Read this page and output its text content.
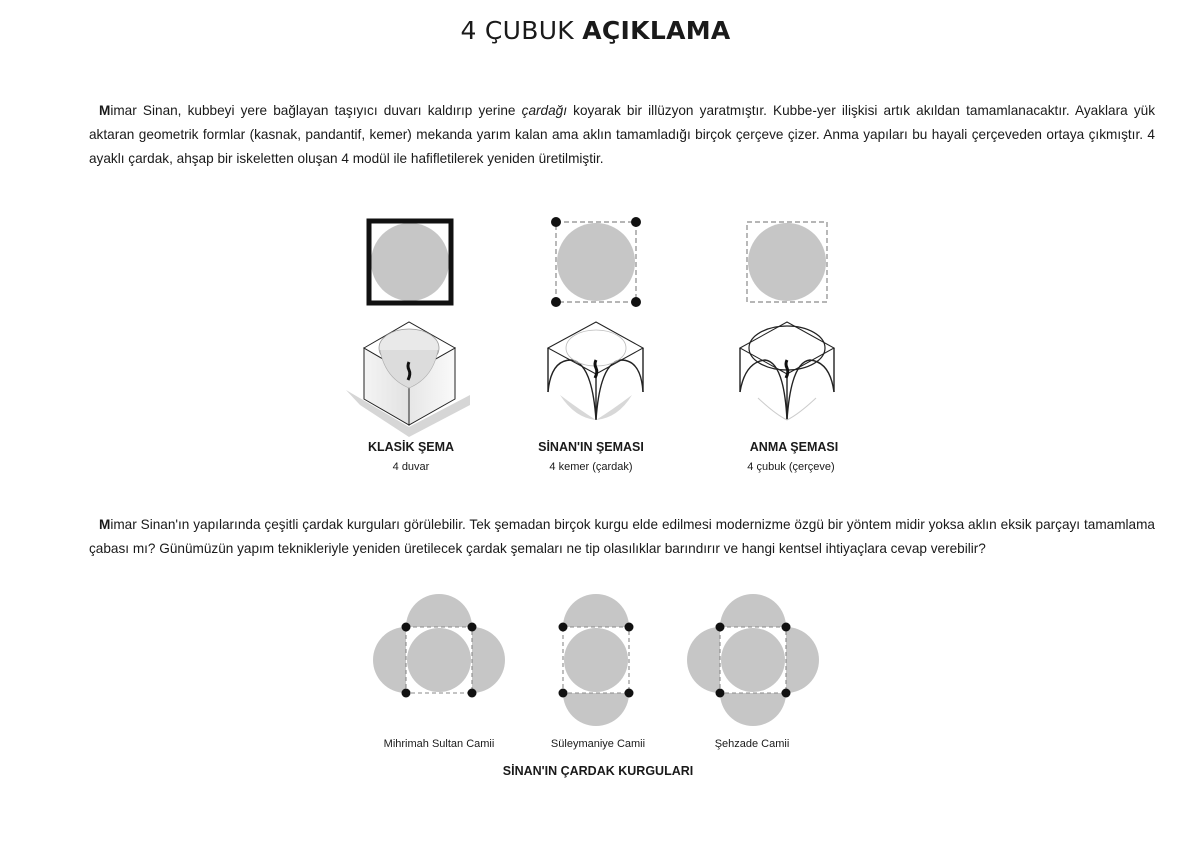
4 ÇUBUK AÇIKLAMA
Mimar Sinan, kubbeyi yere bağlayan taşıyıcı duvarı kaldırıp yerine çardağı koyarak bir illüzyon yaratmıştır. Kubbe-yer ilişkisi artık akıldan tamamlanacaktır. Ayaklara yük aktaran geometrik formlar (kasnak, pandantif, kemer) mekanda yarım kalan ama aklın tamamladığı birçok çerçeve çizer. Anma yapıları bu hayali çerçeveden ortaya çıkmıştır. 4 ayaklı çardak, ahşap bir iskeletten oluşan 4 modül ile hafifletilerek yeniden üretilmiştir.
KLASİK ŞEMA
4 duvar
SİNAN'IN ŞEMASI
4 kemer (çardak)
ANMA ŞEMASI
4 çubuk (çerçeve)
Mimar Sinan'ın yapılarında çeşitli çardak kurguları görülebilir. Tek şemadan birçok kurgu elde edilmesi modernizme özgü bir yöntem midir yoksa aklın eksik parçayı tamamlama çabası mı? Günümüzün yapım teknikleriyle yeniden üretilecek çardak şemaları ne tip olasılıklar barındırır ve hangi kentsel ihtiyaçlara cevap verebilir?
Mihrimah Sultan Camii	Süleymaniye Camii	Şehzade Camii
SİNAN'IN ÇARDAK KURGULARI
